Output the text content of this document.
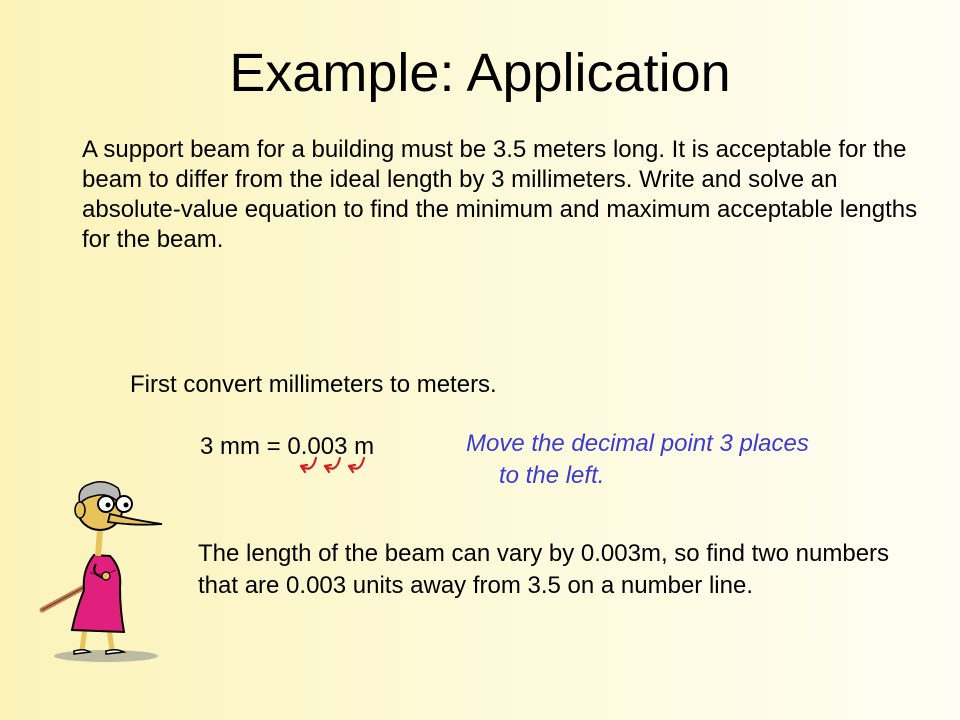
Example: Application

A support beam for a building must be 3.5 meters long. It is acceptable for the beam to differ from the ideal length by 3 millimeters. Write and solve an absolute-value equation to find the minimum and maximum acceptable lengths for the beam.

First convert millimeters to meters.
3 mm = 0.003 m	Move the decimal point 3 places
to the left.

The length of the beam can vary by 0.003m, so find two numbers that are 0.003 units away from 3.5 on a number line.
